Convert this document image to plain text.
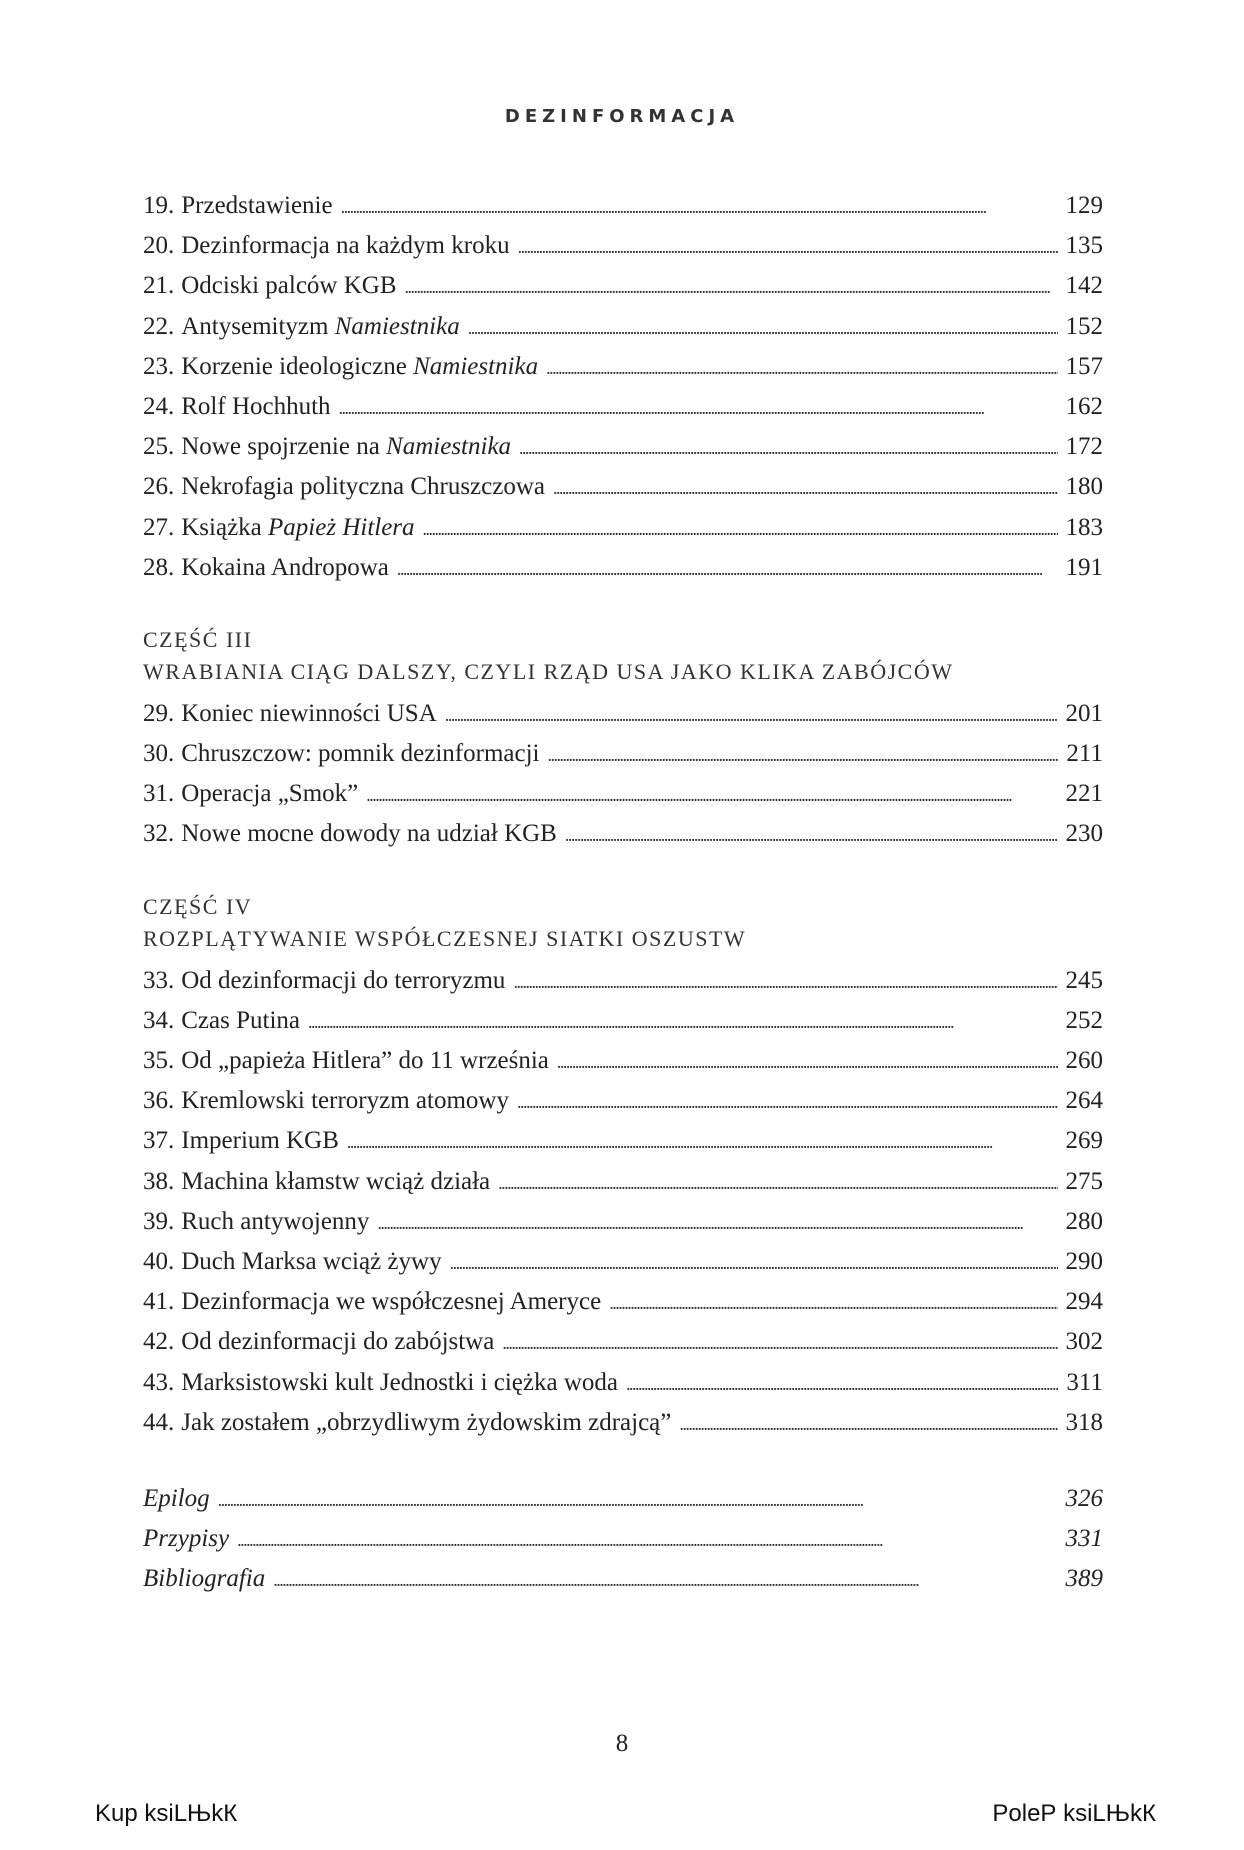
DEZINFORMACJA
19. Przedstawienie . . .	129
20. Dezinformacja na każdym kroku . . .	135
21. Odciski palców KGB . . .	142
22. Antysemityzm Namiestnika . . .	152
23. Korzenie ideologiczne Namiestnika . . .	157
24. Rolf Hochhuth . . .	162
25. Nowe spojrzenie na Namiestnika . . .	172
26. Nekrofagia polityczna Chruszczowa . . .	180
27. Książka Papież Hitlera . . .	183
28. Kokaina Andropowa . . .	191
CZĘŚĆ III
WRABIANIA CIĄG DALSZY, CZYLI RZĄD USA JAKO KLIKA ZABÓJCÓW
29. Koniec niewinności USA . . .	201
30. Chruszczow: pomnik dezinformacji . . .	211
31. Operacja „Smok” . . .	221
32. Nowe mocne dowody na udział KGB . . .	230
CZĘŚĆ IV
ROZPLĄTYWANIE WSPÓŁCZESNEJ SIATKI OSZUSTW
33. Od dezinformacji do terroryzmu . . .	245
34. Czas Putina . . .	252
35. Od „papieża Hitlera” do 11 września . . .	260
36. Kremlowski terroryzm atomowy . . .	264
37. Imperium KGB . . .	269
38. Machina kłamstw wciąż działa . . .	275
39. Ruch antywojenny . . .	280
40. Duch Marksa wciąż żywy . . .	290
41. Dezinformacja we współczesnej Ameryce . . .	294
42. Od dezinformacji do zabójstwa . . .	302
43. Marksistowski kult Jednostki i ciężka woda . . .	311
44. Jak zostałem „obrzydliwym żydowskim zdrajcą” . . .	318
Epilog . . .	326
Przypisy . . .	331
Bibliografia . . .	389
8
Kup ksiLЊkК	PoleР ksiLЊkК
